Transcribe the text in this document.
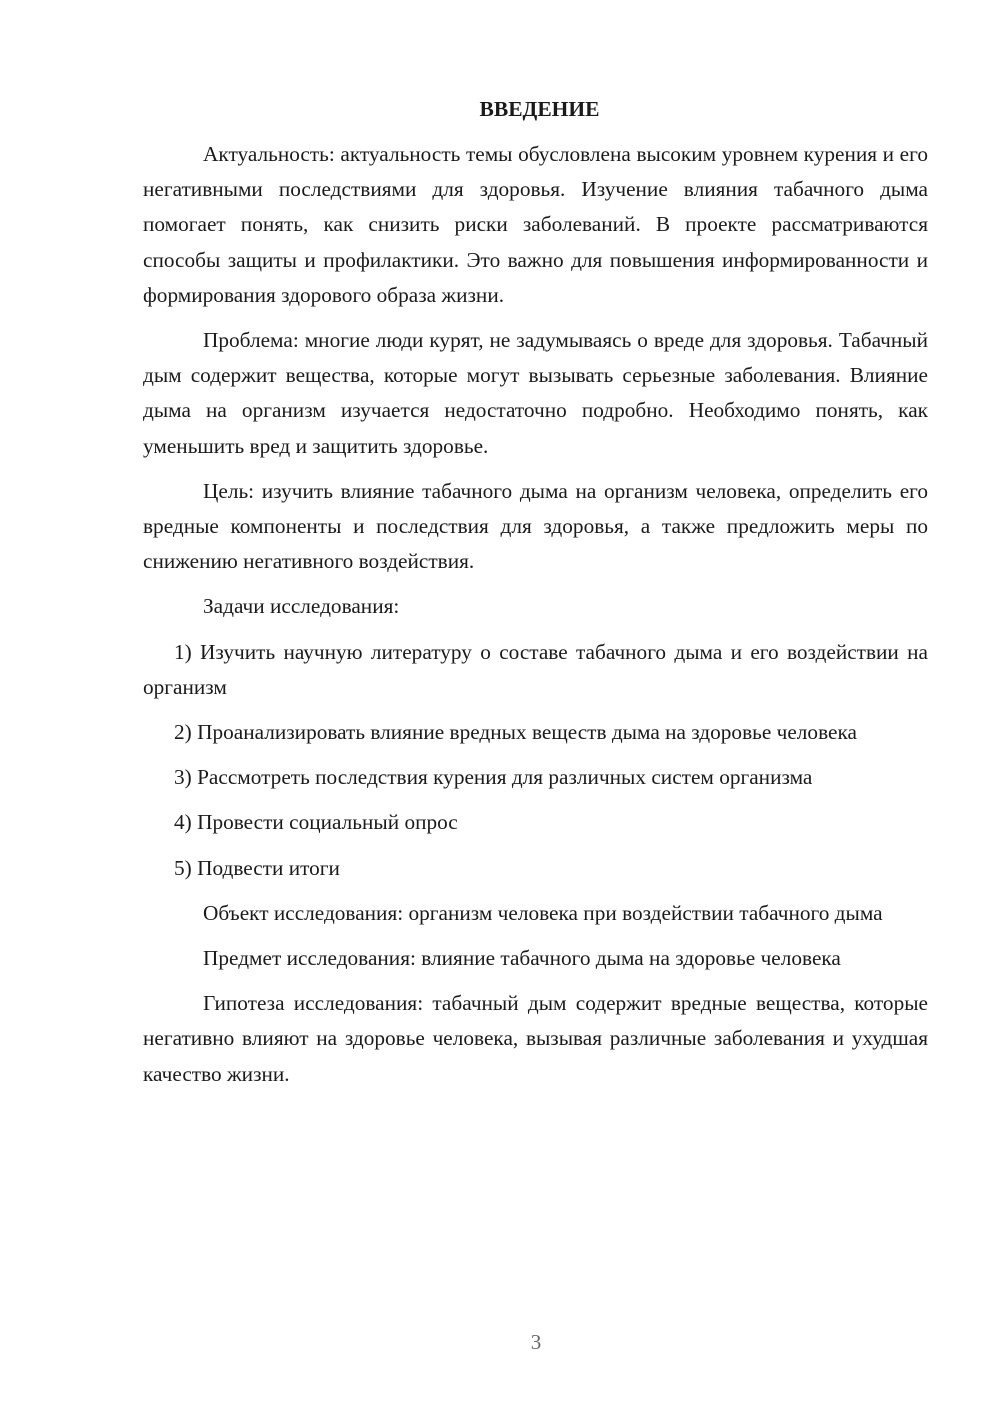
ВВЕДЕНИЕ

Актуальность: актуальность темы обусловлена высоким уровнем курения и его негативными последствиями для здоровья. Изучение влияния табачного дыма помогает понять, как снизить риски заболеваний. В проекте рассматриваются способы защиты и профилактики. Это важно для повышения информированности и формирования здорового образа жизни.

Проблема: многие люди курят, не задумываясь о вреде для здоровья. Табачный дым содержит вещества, которые могут вызывать серьезные заболевания. Влияние дыма на организм изучается недостаточно подробно. Необходимо понять, как уменьшить вред и защитить здоровье.

Цель: изучить влияние табачного дыма на организм человека, определить его вредные компоненты и последствия для здоровья, а также предложить меры по снижению негативного воздействия.

Задачи исследования:

1) Изучить научную литературу о составе табачного дыма и его воздействии на организм

2) Проанализировать влияние вредных веществ дыма на здоровье человека

3) Рассмотреть последствия курения для различных систем организма

4) Провести социальный опрос

5) Подвести итоги

Объект исследования: организм человека при воздействии табачного дыма

Предмет исследования: влияние табачного дыма на здоровье человека

Гипотеза исследования: табачный дым содержит вредные вещества, которые негативно влияют на здоровье человека, вызывая различные заболевания и ухудшая качество жизни.

3
